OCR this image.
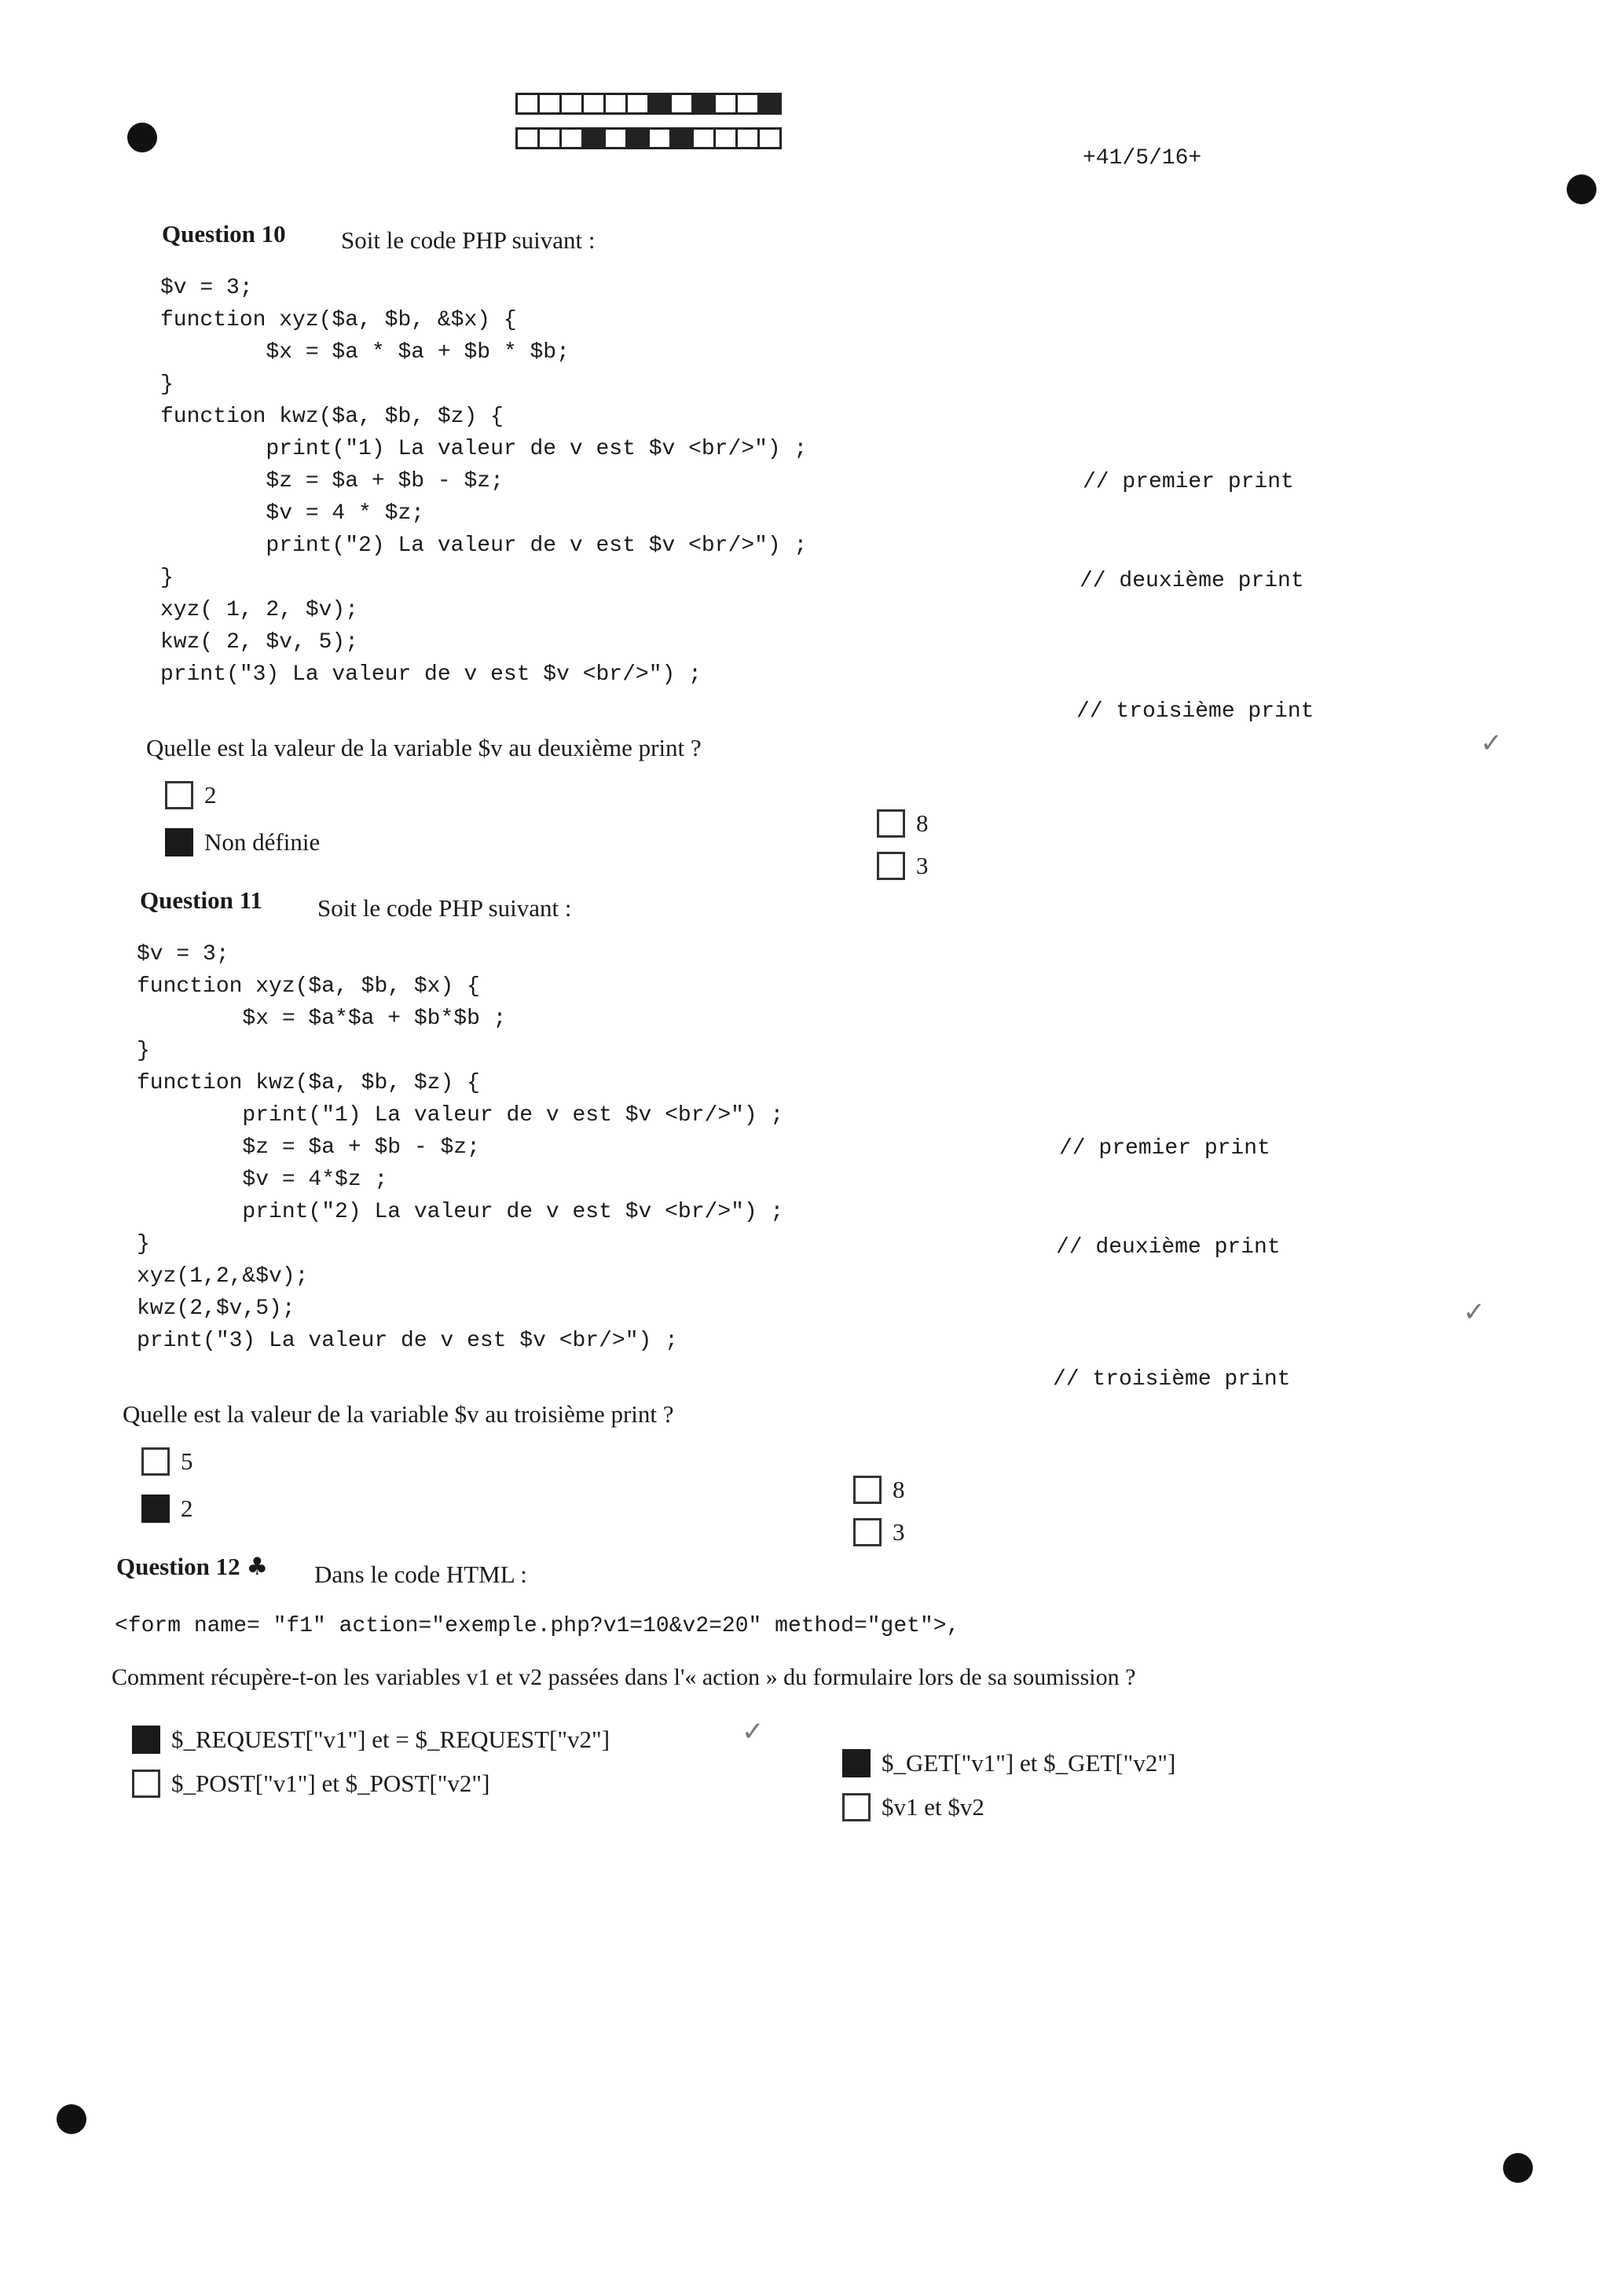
+41/5/16+
Question 10 Soit le code PHP suivant :
$v = 3;
function xyz($a, $b, &$x) {
$x = $a * $a + $b * $b;
}
function kwz($a, $b, $z) {
print("1) La valeur de v est $v <br/>") ;
$z = $a + $b - $z;
$v = 4 * $z;
print("2) La valeur de v est $v <br/>") ;
}
xyz( 1, 2, $v);
kwz( 2, $v, 5);
print("3) La valeur de v est $v <br/>") ;
// premier print
// deuxième print
// troisième print
Quelle est la valeur de la variable $v au deuxième print ?
2
Non définie
8
3
✓
Question 11 Soit le code PHP suivant :
$v = 3;
function xyz($a, $b, $x) {
$x = $a*$a + $b*$b ;
}
function kwz($a, $b, $z) {
print("1) La valeur de v est $v <br/>") ;
$z = $a + $b - $z;
$v = 4*$z ;
print("2) La valeur de v est $v <br/>") ;
}
xyz(1,2,&$v);
kwz(2,$v,5);
print("3) La valeur de v est $v <br/>") ;
// premier print
// deuxième print
// troisième print
Quelle est la valeur de la variable $v au troisième print ?
5
2
8
3
✓
Question 12 ♣ Dans le code HTML :
<form name= "f1" action="exemple.php?v1=10&v2=20" method="get">,
Comment récupère-t-on les variables v1 et v2 passées dans l'« action » du formulaire lors de sa soumission ?
$_REQUEST["v1"] et = $_REQUEST["v2"]
$_POST["v1"] et $_POST["v2"]
$_GET["v1"] et $_GET["v2"]
$v1 et $v2
✓
